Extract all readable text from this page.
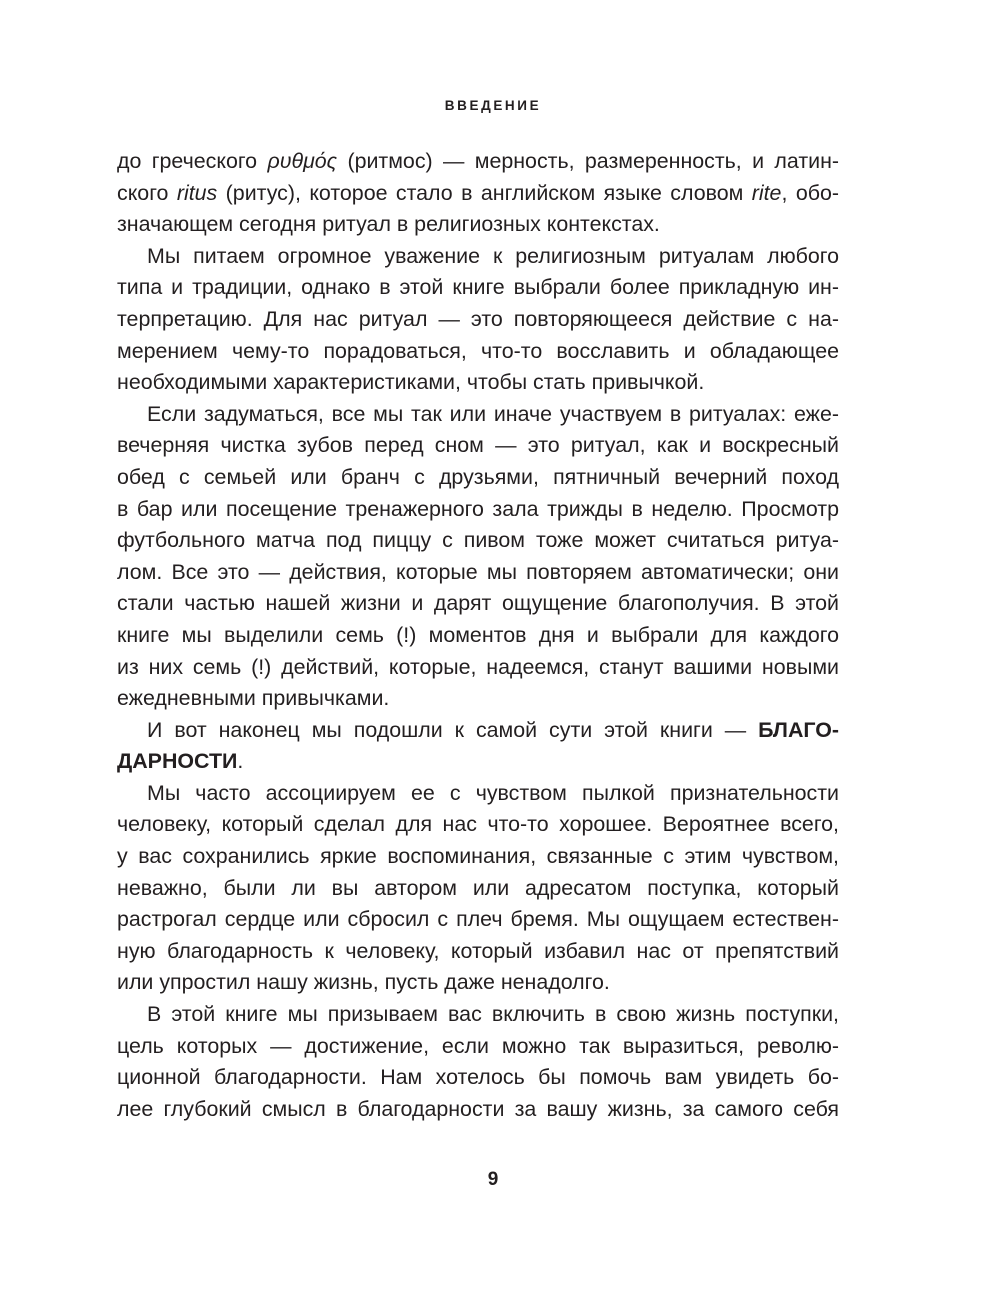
ВВЕДЕНИЕ

до греческого ρυθμός (ритмос) — мерность, размеренность, и латин-

ского ritus (ритус), которое стало в английском языке словом rite, обо-

значающем сегодня ритуал в религиозных контекстах.

Мы питаем огромное уважение к религиозным ритуалам любого

типа и традиции, однако в этой книге выбрали более прикладную ин-

терпретацию. Для нас ритуал — это повторяющееся действие с на-

мерением чему-то порадоваться, что-то восславить и обладающее

необходимыми характеристиками, чтобы стать привычкой.

Если задуматься, все мы так или иначе участвуем в ритуалах: еже-

вечерняя чистка зубов перед сном — это ритуал, как и воскресный

обед с семьей или бранч с друзьями, пятничный вечерний поход

в бар или посещение тренажерного зала трижды в неделю. Просмотр

футбольного матча под пиццу с пивом тоже может считаться ритуа-

лом. Все это — действия, которые мы повторяем автоматически; они

стали частью нашей жизни и дарят ощущение благополучия. В этой

книге мы выделили семь (!) моментов дня и выбрали для каждого

из них семь (!) действий, которые, надеемся, станут вашими новыми

ежедневными привычками.

И вот наконец мы подошли к самой сути этой книги — БЛАГО-

ДАРНОСТИ.

Мы часто ассоциируем ее с чувством пылкой признательности

человеку, который сделал для нас что-то хорошее. Вероятнее всего,

у вас сохранились яркие воспоминания, связанные с этим чувством,

неважно, были ли вы автором или адресатом поступка, который

растрогал сердце или сбросил с плеч бремя. Мы ощущаем естествен-

ную благодарность к человеку, который избавил нас от препятствий

или упростил нашу жизнь, пусть даже ненадолго.

В этой книге мы призываем вас включить в свою жизнь поступки,

цель которых — достижение, если можно так выразиться, револю-

ционной благодарности. Нам хотелось бы помочь вам увидеть бо-

лее глубокий смысл в благодарности за вашу жизнь, за самого себя

9
